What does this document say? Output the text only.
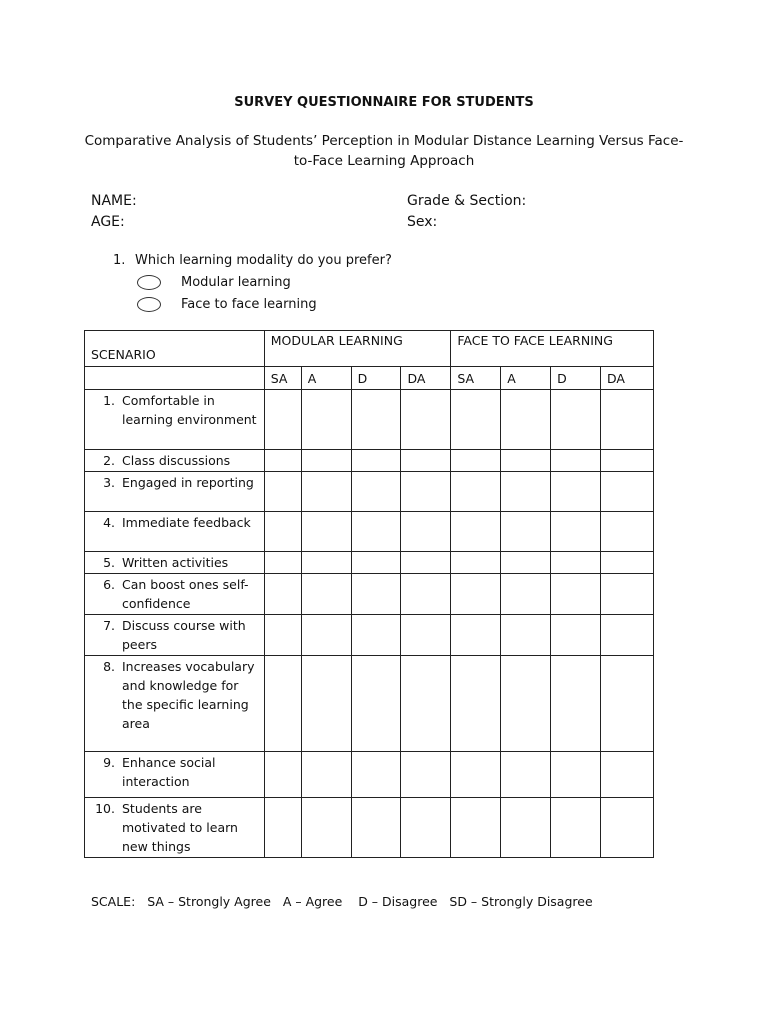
SURVEY QUESTIONNAIRE FOR STUDENTS
Comparative Analysis of Students’ Perception in Modular Distance Learning Versus Face-to-Face Learning Approach
NAME:
AGE:
Grade & Section:
Sex:
1. Which learning modality do you prefer?
Modular learning
Face to face learning
SCENARIO	MODULAR LEARNING				FACE TO FACE LEARNING			
	SA	A	D	DA	SA	A	D	DA

1. Comfortable in learning environment								

2. Class discussions								

3. Engaged in reporting								

4. Immediate feedback								

5. Written activities								

6. Can boost ones self-confidence								

7. Discuss course with peers								

8. Increases vocabulary and knowledge for the specific learning area								

9. Enhance social interaction								

10. Students are motivated to learn new things								

SCALE:   SA – Strongly Agree   A – Agree    D – Disagree   SD – Strongly Disagree
